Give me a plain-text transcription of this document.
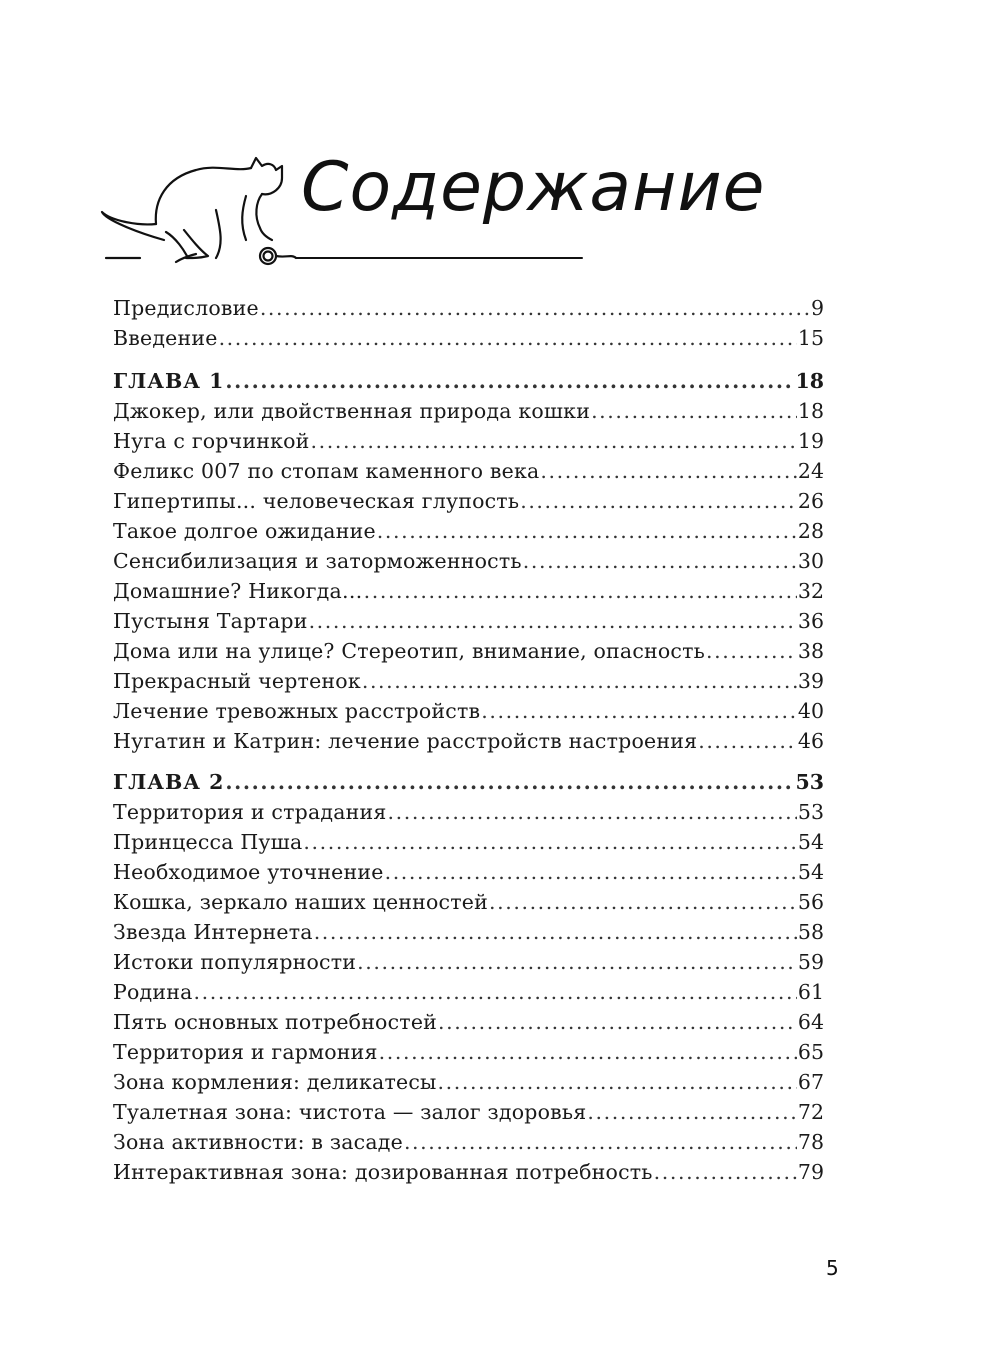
Содержание
Предисловие .....	9
Введение .....	15
ГЛАВА 1 .....	18
Джокер, или двойственная природа кошки .....	18
Нуга с горчинкой .....	19
Феликс 007 по стопам каменного века .....	24
Гипертипы... человеческая глупость .....	26
Такое долгое ожидание .....	28
Сенсибилизация и заторможенность .....	30
Домашние? Никогда… .....	32
Пустыня Тартари .....	36
Дома или на улице? Стереотип, внимание, опасность .....	38
Прекрасный чертенок .....	39
Лечение тревожных расстройств .....	40
Нугатин и Катрин: лечение расстройств настроения .....	46
ГЛАВА 2 .....	53
Территория и страдания .....	53
Принцесса Пуша .....	54
Необходимое уточнение .....	54
Кошка, зеркало наших ценностей .....	56
Звезда Интернета .....	58
Истоки популярности .....	59
Родина .....	61
Пять основных потребностей .....	64
Территория и гармония .....	65
Зона кормления: деликатесы .....	67
Туалетная зона: чистота — залог здоровья .....	72
Зона активности: в засаде .....	78
Интерактивная зона: дозированная потребность .....	79
5
